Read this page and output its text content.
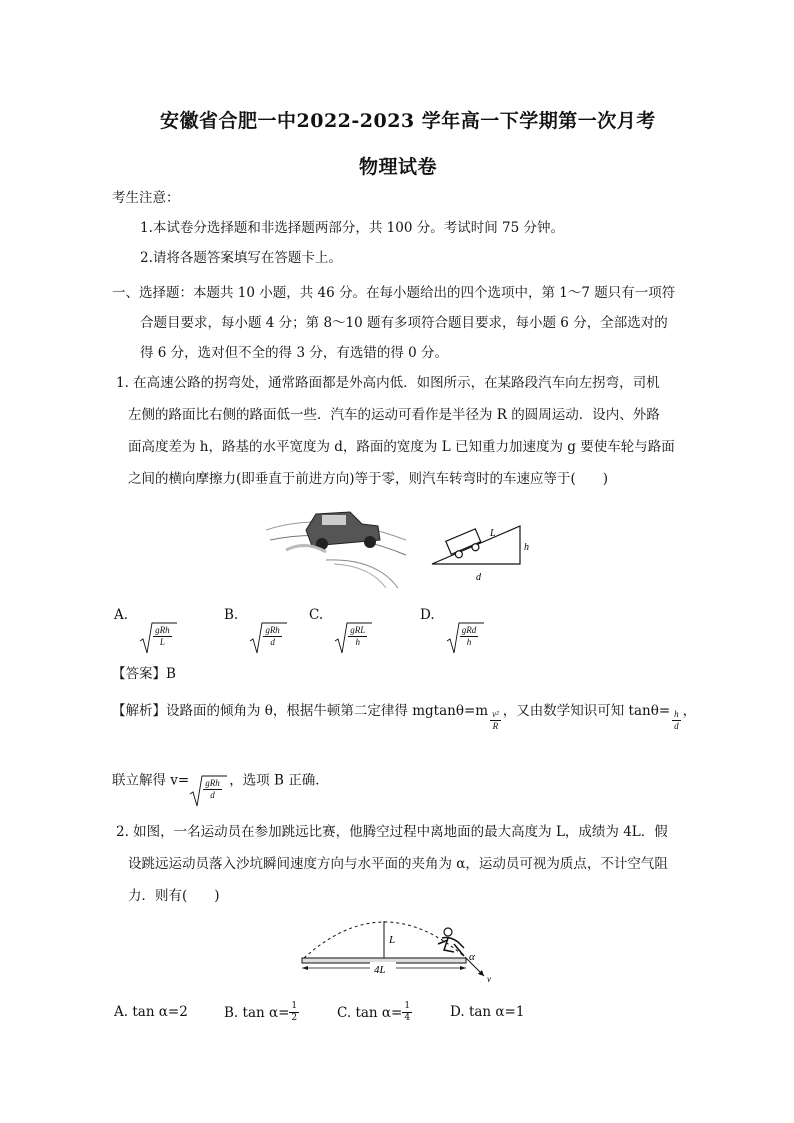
安徽省合肥一中2022-2023 学年高一下学期第一次月考
物理试卷
考生注意：
1.本试卷分选择题和非选择题两部分，共 100 分。考试时间 75 分钟。
2.请将各题答案填写在答题卡上。
一、选择题：本题共 10 小题，共 46 分。在每小题给出的四个选项中，第 1～7 题只有一项符
合题目要求，每小题 4 分；第 8～10 题有多项符合题目要求，每小题 6 分，全部选对的
得 6 分，选对但不全的得 3 分，有选错的得 0 分。
1. 在高速公路的拐弯处，通常路面都是外高内低．如图所示，在某路段汽车向左拐弯，司机
左侧的路面比右侧的路面低一些．汽车的运动可看作是半径为 R 的圆周运动．设内、外路
面高度差为 h，路基的水平宽度为 d，路面的宽度为 L 已知重力加速度为 g 要使车轮与路面
之间的横向摩擦力(即垂直于前进方向)等于零，则汽车转弯时的车速应等于(　　)
L
h
d
A.
gRh
L
B.
gRh
d
C.
gRL
h
D.
gRd
h
【答案】B
【解析】设路面的倾角为 θ，根据牛顿第二定律得 $mgtan\theta=m \frac{\text{v²}}{R}$ ，又由数学知识可知 $\tan\theta= \frac{h}{d}$ ，
联立解得 v= gRh
d
，选项 B 正确．
2. 如图，一名运动员在参加跳远比赛，他腾空过程中离地面的最大高度为 L，成绩为 4L．假
设跳远运动员落入沙坑瞬间速度方向与水平面的夹角为 α，运动员可视为质点，不计空气阻
力．则有(　　)
L
4L
α
v
A. tan α=2	B. $\tan \alpha= \frac{1}{2}$	C. $\tan \alpha= \frac{1}{4}$	D. tan α=1
